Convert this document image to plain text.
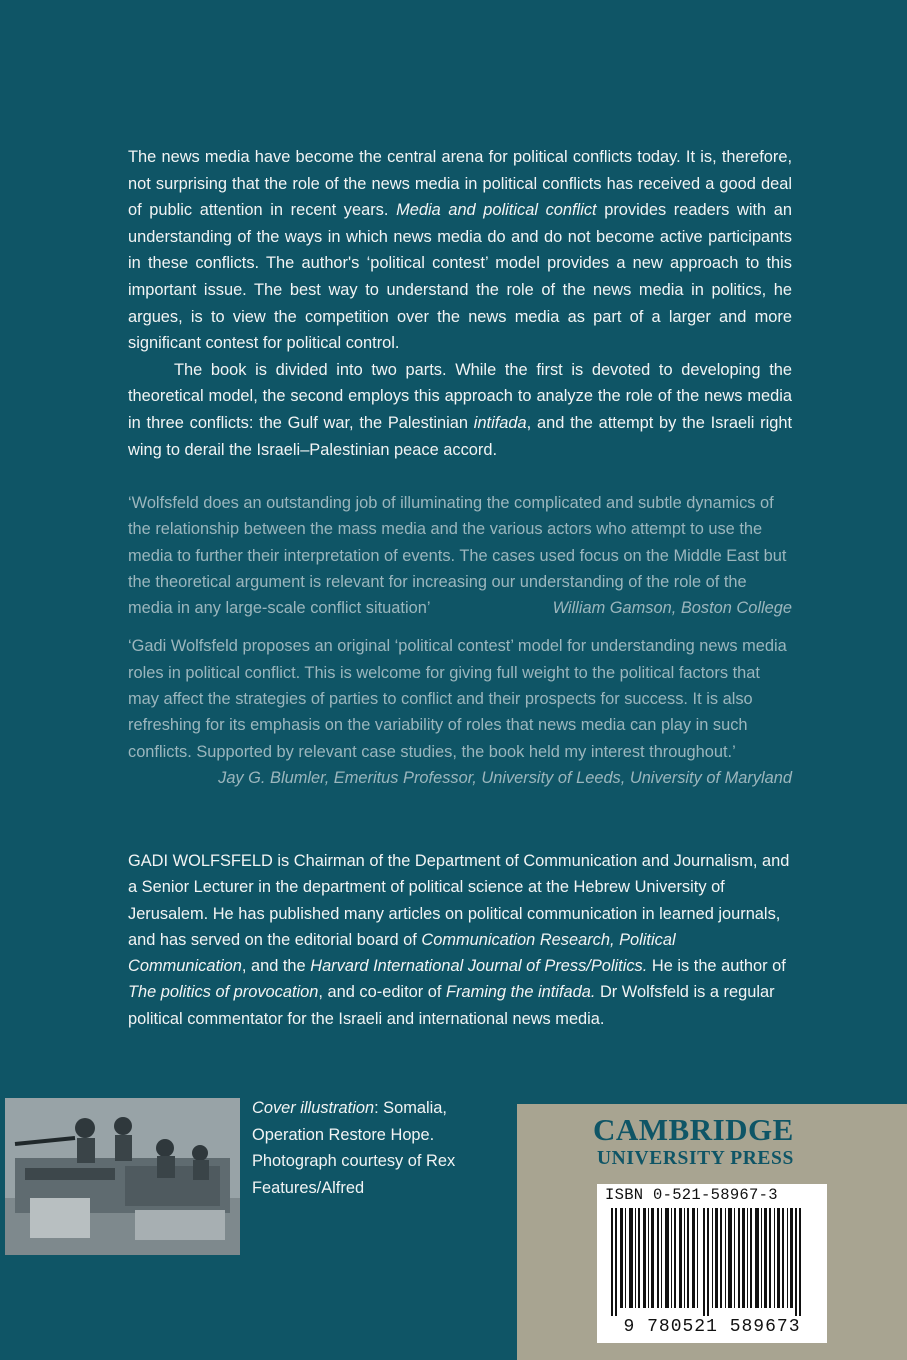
The news media have become the central arena for political conflicts today. It is, therefore, not surprising that the role of the news media in political conflicts has received a good deal of public attention in recent years. Media and political conflict provides readers with an understanding of the ways in which news media do and do not become active participants in these conflicts. The author's ‘political contest’ model provides a new approach to this important issue. The best way to understand the role of the news media in politics, he argues, is to view the competition over the news media as part of a larger and more significant contest for political control.

The book is divided into two parts. While the first is devoted to developing the theoretical model, the second employs this approach to analyze the role of the news media in three conflicts: the Gulf war, the Palestinian intifada, and the attempt by the Israeli right wing to derail the Israeli–Palestinian peace accord.

‘Wolfsfeld does an outstanding job of illuminating the complicated and subtle dynamics of the relationship between the mass media and the various actors who attempt to use the media to further their interpretation of events. The cases used focus on the Middle East but the theoretical argument is relevant for increasing our understanding of the role of the media in any large-scale conflict situation’	William Gamson, Boston College

‘Gadi Wolfsfeld proposes an original ‘political contest’ model for understanding news media roles in political conflict. This is welcome for giving full weight to the political factors that may affect the strategies of parties to conflict and their prospects for success. It is also refreshing for its emphasis on the variability of roles that news media can play in such conflicts. Supported by relevant case studies, the book held my interest throughout.’

Jay G. Blumler, Emeritus Professor, University of Leeds, University of Maryland

GADI WOLFSFELD is Chairman of the Department of Communication and Journalism, and a Senior Lecturer in the department of political science at the Hebrew University of Jerusalem. He has published many articles on political communication in learned journals, and has served on the editorial board of Communication Research, Political Communication, and the Harvard International Journal of Press/Politics. He is the author of The politics of provocation, and co-editor of Framing the intifada. Dr Wolfsfeld is a regular political commentator for the Israeli and international news media.

Cover illustration: Somalia, Operation Restore Hope. Photograph courtesy of Rex Features/Alfred

CAMBRIDGE
UNIVERSITY PRESS
ISBN 0-521-58967-3
9 780521 589673
